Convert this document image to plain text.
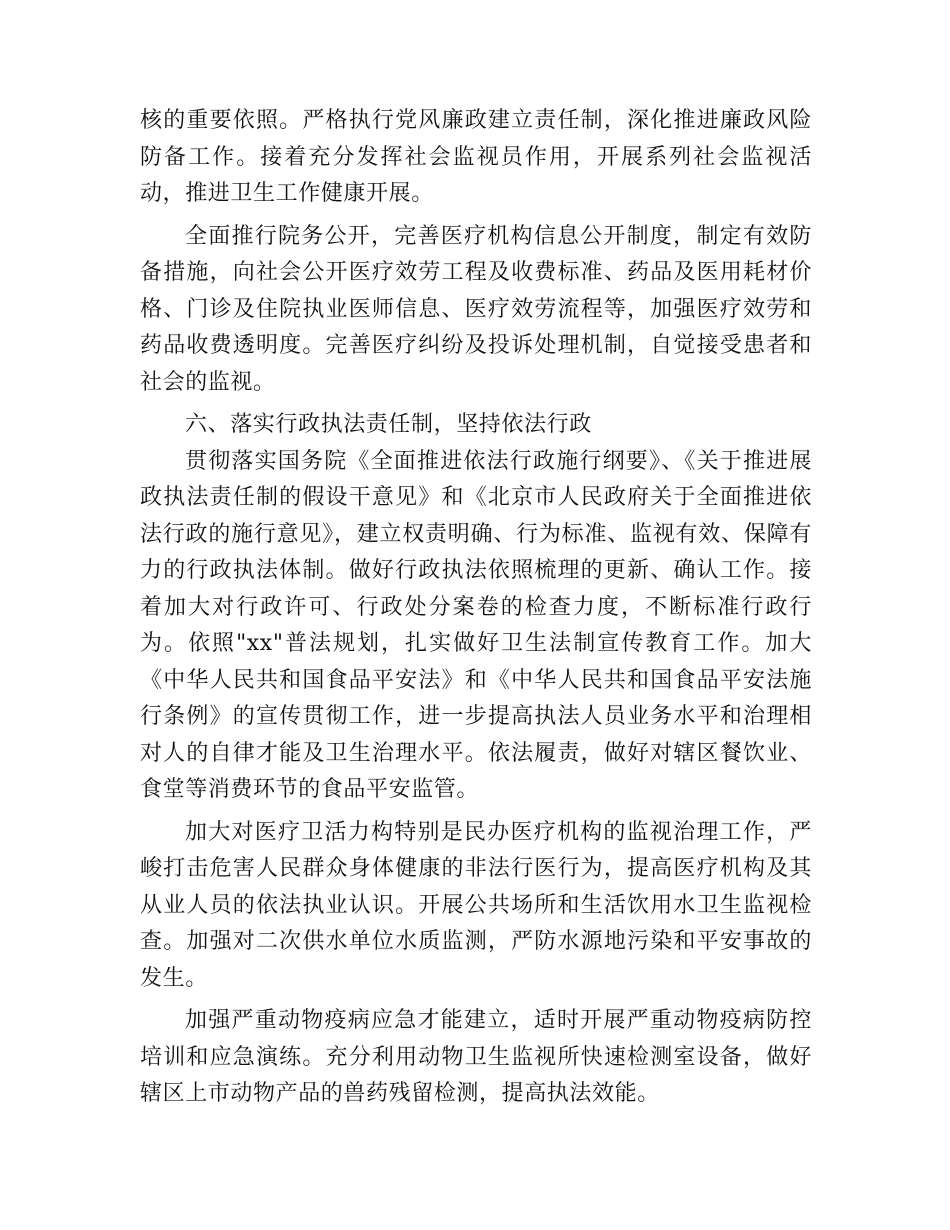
核的重要依照。严格执行党风廉政建立责任制，深化推进廉政风险防备工作。接着充分发挥社会监视员作用，开展系列社会监视活动，推进卫生工作健康开展。

全面推行院务公开，完善医疗机构信息公开制度，制定有效防备措施，向社会公开医疗效劳工程及收费标准、药品及医用耗材价格、门诊及住院执业医师信息、医疗效劳流程等，加强医疗效劳和药品收费透明度。完善医疗纠纷及投诉处理机制，自觉接受患者和社会的监视。

六、落实行政执法责任制，坚持依法行政

贯彻落实国务院《全面推进依法行政施行纲要》、《关于推进展政执法责任制的假设干意见》和《北京市人民政府关于全面推进依法行政的施行意见》，建立权责明确、行为标准、监视有效、保障有力的行政执法体制。做好行政执法依照梳理的更新、确认工作。接着加大对行政许可、行政处分案卷的检查力度，不断标准行政行为。依照"xx"普法规划，扎实做好卫生法制宣传教育工作。加大《中华人民共和国食品平安法》和《中华人民共和国食品平安法施行条例》的宣传贯彻工作，进一步提高执法人员业务水平和治理相对人的自律才能及卫生治理水平。依法履责，做好对辖区餐饮业、食堂等消费环节的食品平安监管。

加大对医疗卫活力构特别是民办医疗机构的监视治理工作，严峻打击危害人民群众身体健康的非法行医行为，提高医疗机构及其从业人员的依法执业认识。开展公共场所和生活饮用水卫生监视检查。加强对二次供水单位水质监测，严防水源地污染和平安事故的发生。

加强严重动物疫病应急才能建立，适时开展严重动物疫病防控培训和应急演练。充分利用动物卫生监视所快速检测室设备，做好辖区上市动物产品的兽药残留检测，提高执法效能。
